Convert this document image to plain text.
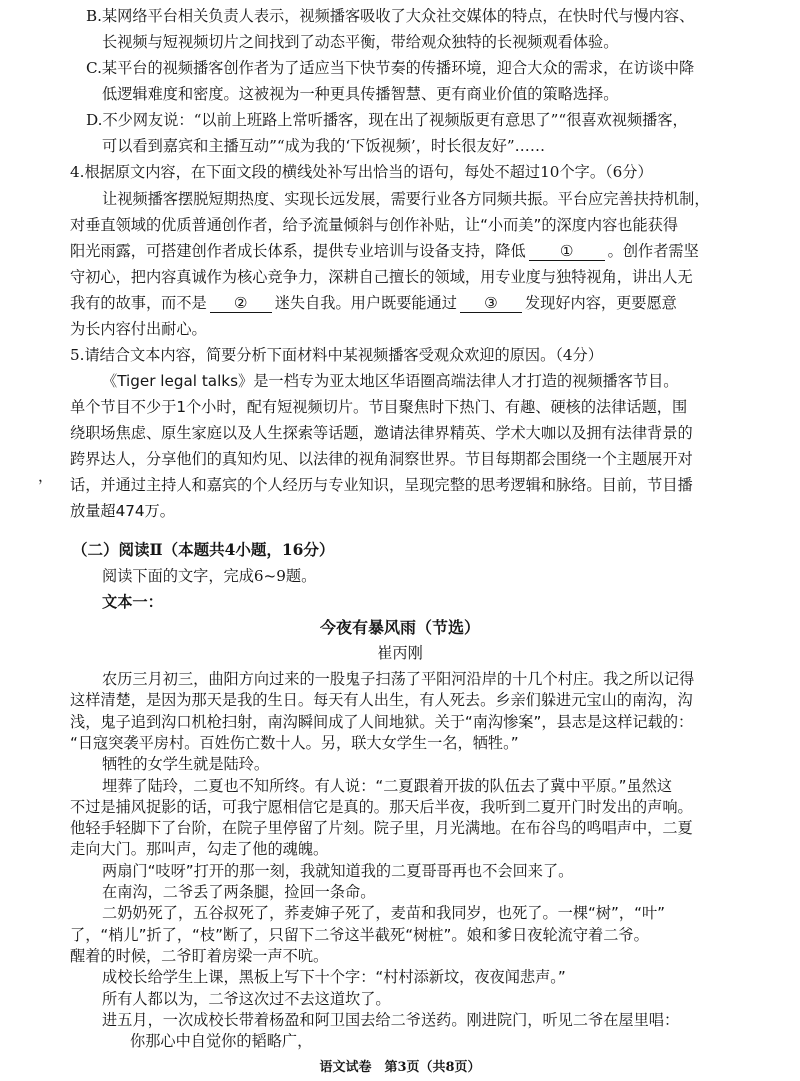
B.某网络平台相关负责人表示，视频播客吸收了大众社交媒体的特点，在快时代与慢内容、
长视频与短视频切片之间找到了动态平衡，带给观众独特的长视频观看体验。
C.某平台的视频播客创作者为了适应当下快节奏的传播环境，迎合大众的需求，在访谈中降
低逻辑难度和密度。这被视为一种更具传播智慧、更有商业价值的策略选择。
D.不少网友说：“以前上班路上常听播客，现在出了视频版更有意思了”“很喜欢视频播客，
可以看到嘉宾和主播互动”“成为我的‘下饭视频’，时长很友好”……
4.根据原文内容，在下面文段的横线处补写出恰当的语句，每处不超过10个字。（6分）
让视频播客摆脱短期热度、实现长远发展，需要行业各方同频共振。平台应完善扶持机制，
对垂直领域的优质普通创作者，给予流量倾斜与创作补贴，让“小而美”的深度内容也能获得
阳光雨露，可搭建创作者成长体系，提供专业培训与设备支持，降低 ① 。创作者需坚
守初心，把内容真诚作为核心竞争力，深耕自己擅长的领域，用专业度与独特视角，讲出人无
我有的故事，而不是 ② 迷失自我。用户既要能通过 ③ 发现好内容，更要愿意
为长内容付出耐心。
5.请结合文本内容，简要分析下面材料中某视频播客受观众欢迎的原因。（4分）
《Tiger legal talks》是一档专为亚太地区华语圈高端法律人才打造的视频播客节目。
单个节目不少于1个小时，配有短视频切片。节目聚焦时下热门、有趣、硬核的法律话题，围
绕职场焦虑、原生家庭以及人生探索等话题，邀请法律界精英、学术大咖以及拥有法律背景的
跨界达人，分享他们的真知灼见、以法律的视角洞察世界。节目每期都会围绕一个主题展开对
， 话，并通过主持人和嘉宾的个人经历与专业知识，呈现完整的思考逻辑和脉络。目前，节目播
放量超474万。
（二）阅读Ⅱ（本题共4小题，16分）
阅读下面的文字，完成6~9题。
文本一：
今夜有暴风雨（节选）
崔丙刚
农历三月初三，曲阳方向过来的一股鬼子扫荡了平阳河沿岸的十几个村庄。我之所以记得
这样清楚，是因为那天是我的生日。每天有人出生，有人死去。乡亲们躲进元宝山的南沟，沟
浅，鬼子追到沟口机枪扫射，南沟瞬间成了人间地狱。关于“南沟惨案”，县志是这样记载的：
“日寇突袭平房村。百姓伤亡数十人。另，联大女学生一名，牺牲。”
牺牲的女学生就是陆玲。
埋葬了陆玲，二夏也不知所终。有人说：“二夏跟着开拔的队伍去了冀中平原。”虽然这
不过是捕风捉影的话，可我宁愿相信它是真的。那天后半夜，我听到二夏开门时发出的声响。
他轻手轻脚下了台阶，在院子里停留了片刻。院子里，月光满地。在布谷鸟的鸣唱声中，二夏
走向大门。那叫声，勾走了他的魂魄。
两扇门“吱呀”打开的那一刻，我就知道我的二夏哥哥再也不会回来了。
在南沟，二爷丢了两条腿，捡回一条命。
二奶奶死了，五谷叔死了，荞麦婶子死了，麦苗和我同岁，也死了。一棵“树”，“叶”
了，“梢儿”折了，“枝”断了，只留下二爷这半截死“树桩”。娘和爹日夜轮流守着二爷。
醒着的时候，二爷盯着房梁一声不吭。
成校长给学生上课，黑板上写下十个字：“村村添新坟，夜夜闻悲声。”
所有人都以为，二爷这次过不去这道坎了。
进五月，一次成校长带着杨盈和阿卫国去给二爷送药。刚进院门，听见二爷在屋里唱：
你那心中自觉你的韬略广，
语文试卷　第3页（共8页）
